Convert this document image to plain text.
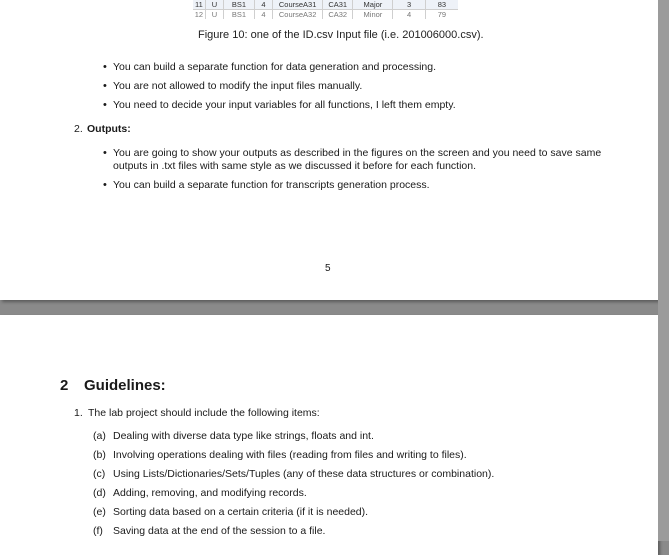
11	U	BS1	4	CourseA31	CA31	Major	3	83
12	U	BS1	4	CourseA32	CA32	Minor	4	79
Figure 10: one of the ID.csv Input file (i.e. 201006000.csv).
• You can build a separate function for data generation and processing.
• You are not allowed to modify the input files manually.
• You need to decide your input variables for all functions, I left them empty.
2. Outputs:
• You are going to show your outputs as described in the figures on the screen and you need to save same outputs in .txt files with same style as we discussed it before for each function.
• You can build a separate function for transcripts generation process.
5
2 Guidelines:
1. The lab project should include the following items:
(a) Dealing with diverse data type like strings, floats and int.
(b) Involving operations dealing with files (reading from files and writing to files).
(c) Using Lists/Dictionaries/Sets/Tuples (any of these data structures or combination).
(d) Adding, removing, and modifying records.
(e) Sorting data based on a certain criteria (if it is needed).
(f) Saving data at the end of the session to a file.
